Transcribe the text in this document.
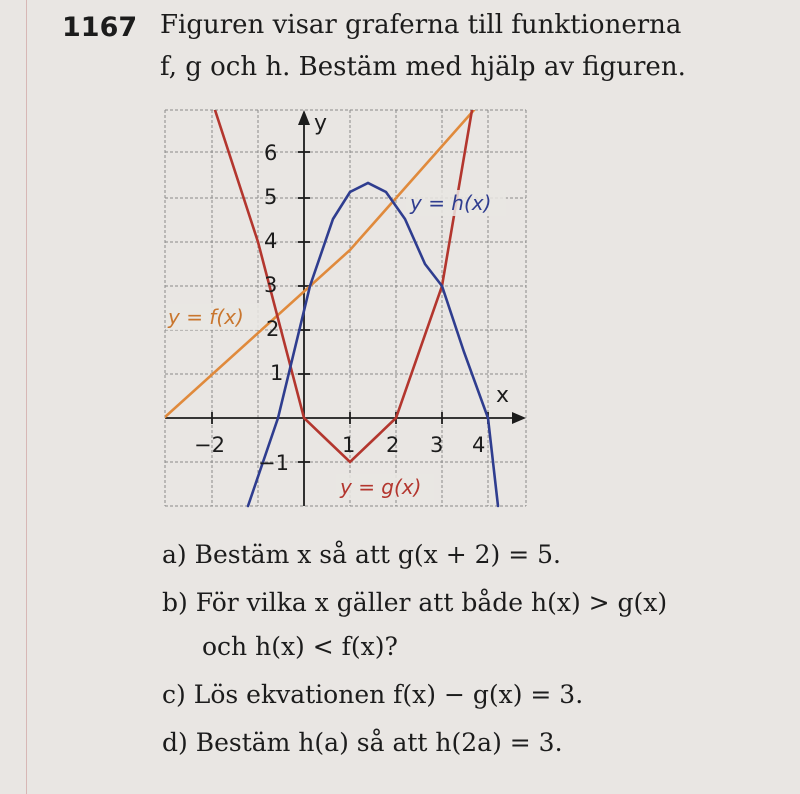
1167 Figuren visar graferna till funktionerna
f, g och h. Bestäm med hjälp av figuren.
−2	1 2 3 4
6
5
4
3
2
1
−1
x
y
y = f(x)
y = h(x)
y = g(x)
a) Bestäm x så att g(x + 2) = 5.
b) För vilka x gäller att både h(x) > g(x)
och h(x) < f(x)?
c) Lös ekvationen f(x) − g(x) = 3.
d) Bestäm h(a) så att h(2a) = 3.
